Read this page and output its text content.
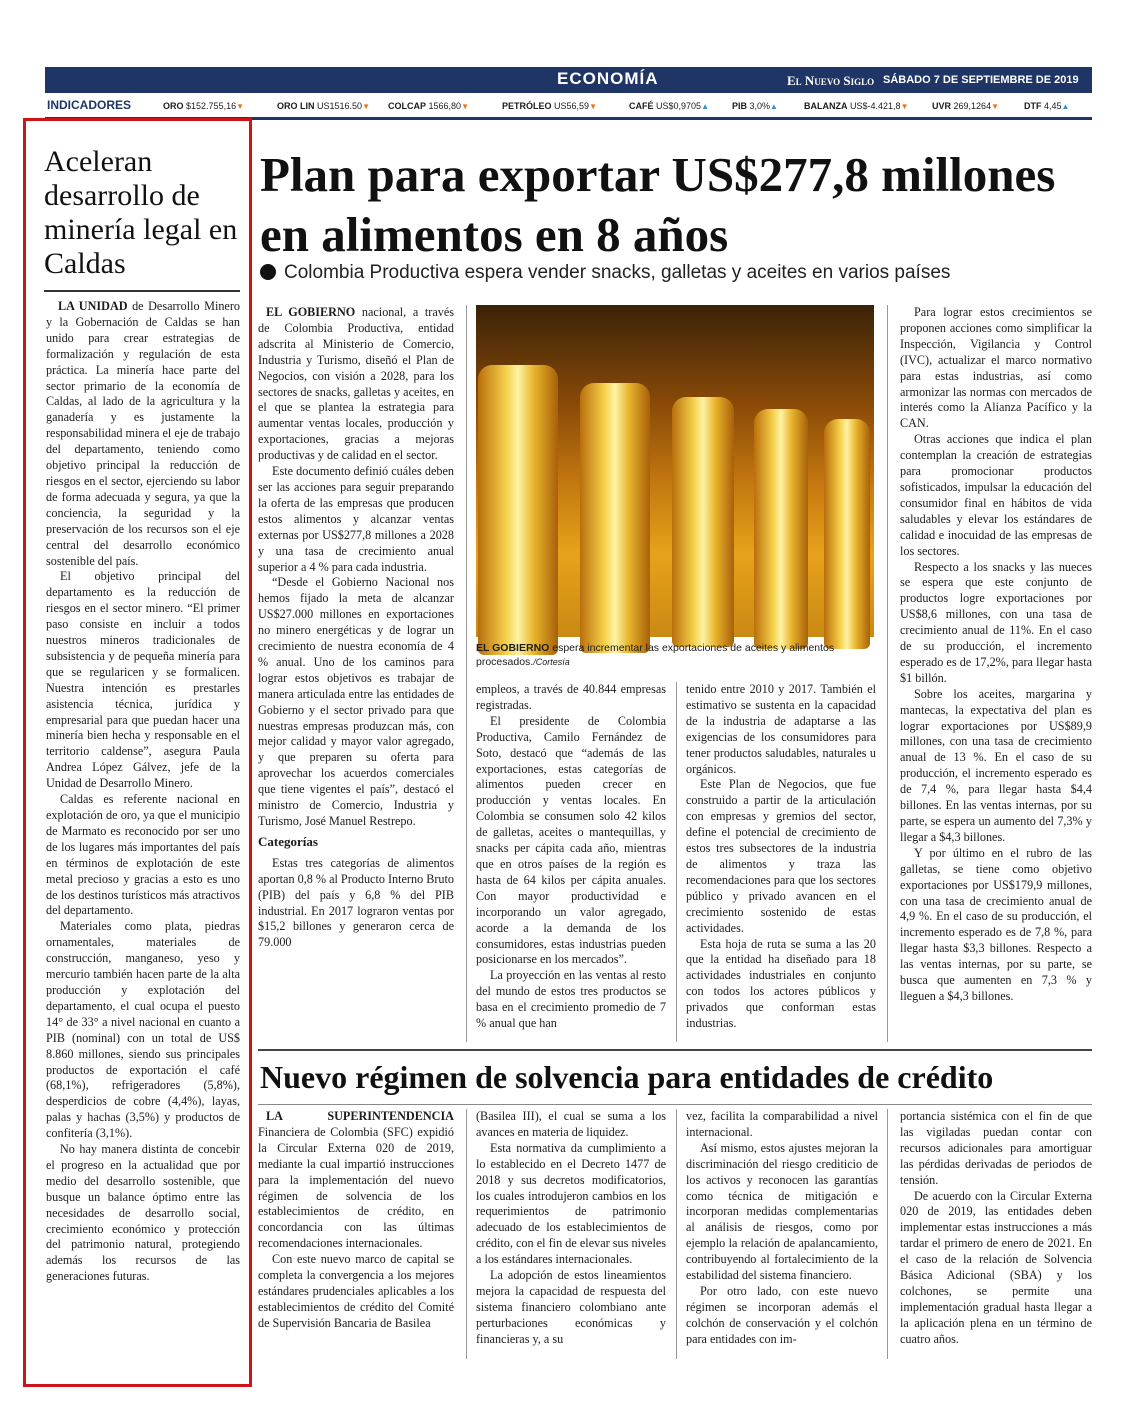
ECONOMÍA	El Nuevo Siglo SÁBADO 7 DE SEPTIEMBRE DE 2019 3B
INDICADORES	ORO $152.755,16▼	ORO LIN US1516.50▼ COLCAP 1566,80▼	PETRÓLEO US56,59▼	CAFÉ US$0,9705▲	PIB 3,0%▲	BALANZA US$-4.421,8▼	UVR 269,1264▼	DTF 4,45▲
Aceleran desarrollo de minería legal en Caldas

LA UNIDAD de Desarrollo Minero y la Gobernación de Caldas se han unido para crear estrategias de formalización y regulación de esta práctica. La minería hace parte del sector primario de la economía de Caldas, al lado de la agricultura y la ganadería y es justamente la responsabilidad minera el eje de trabajo del departamento, teniendo como objetivo principal la reducción de riesgos en el sector, ejerciendo su labor de forma adecuada y segura, ya que la conciencia, la seguridad y la preservación de los recursos son el eje central del desarrollo económico sostenible del país.

El objetivo principal del departamento es la reducción de riesgos en el sector minero. “El primer paso consiste en incluir a todos nuestros mineros tradicionales de subsistencia y de pequeña minería para que se regularicen y se formalicen. Nuestra intención es prestarles asistencia técnica, jurídica y empresarial para que puedan hacer una minería bien hecha y responsable en el territorio caldense”, asegura Paula Andrea López Gálvez, jefe de la Unidad de Desarrollo Minero.

Caldas es referente nacional en explotación de oro, ya que el municipio de Marmato es reconocido por ser uno de los lugares más importantes del país en términos de explotación de este metal precioso y gracias a esto es uno de los destinos turísticos más atractivos del departamento.

Materiales como plata, piedras ornamentales, materiales de construcción, manganeso, yeso y mercurio también hacen parte de la alta producción y explotación del departamento, el cual ocupa el puesto 14° de 33° a nivel nacional en cuanto a PIB (nominal) con un total de US$ 8.860 millones, siendo sus principales productos de exportación el café (68,1%), refrigeradores (5,8%), desperdicios de cobre (4,4%), layas, palas y hachas (3,5%) y productos de confitería (3,1%).

No hay manera distinta de concebir el progreso en la actualidad que por medio del desarrollo sostenible, que busque un balance óptimo entre las necesidades de desarrollo social, crecimiento económico y protección del patrimonio natural, protegiendo además los recursos de las generaciones futuras.

Plan para exportar US$277,8 millones en alimentos en 8 años
Colombia Productiva espera vender snacks, galletas y aceites en varios países

EL GOBIERNO nacional, a través de Colombia Productiva, entidad adscrita al Ministerio de Comercio, Industria y Turismo, diseñó el Plan de Negocios, con visión a 2028, para los sectores de snacks, galletas y aceites, en el que se plantea la estrategia para aumentar ventas locales, producción y exportaciones, gracias a mejoras productivas y de calidad en el sector.

Este documento definió cuáles deben ser las acciones para seguir preparando la oferta de las empresas que producen estos alimentos y alcanzar ventas externas por US$277,8 millones a 2028 y una tasa de crecimiento anual superior a 4 % para cada industria.

“Desde el Gobierno Nacional nos hemos fijado la meta de alcanzar US$27.000 millones en exportaciones no minero energéticas y de lograr un crecimiento de nuestra economía de 4 % anual. Uno de los caminos para lograr estos objetivos es trabajar de manera articulada entre las entidades de Gobierno y el sector privado para que nuestras empresas produzcan más, con mejor calidad y mayor valor agregado, y que preparen su oferta para aprovechar los acuerdos comerciales que tiene vigentes el país”, destacó el ministro de Comercio, Industria y Turismo, José Manuel Restrepo.

Categorías

Estas tres categorías de alimentos aportan 0,8 % al Producto Interno Bruto (PIB) del país y 6,8 % del PIB industrial. En 2017 lograron ventas por $15,2 billones y generaron cerca de 79.000

EL GOBIERNO espera incrementar las exportaciones de aceites y alimentos procesados./Cortesía

empleos, a través de 40.844 empresas registradas.

El presidente de Colombia Productiva, Camilo Fernández de Soto, destacó que “además de las exportaciones, estas categorías de alimentos pueden crecer en producción y ventas locales. En Colombia se consumen solo 42 kilos de galletas, aceites o mantequillas, y snacks per cápita cada año, mientras que en otros países de la región es hasta de 64 kilos per cápita anuales. Con mayor productividad e incorporando un valor agregado, acorde a la demanda de los consumidores, estas industrias pueden posicionarse en los mercados”.

La proyección en las ventas al resto del mundo de estos tres productos se basa en el crecimiento promedio de 7 % anual que han

tenido entre 2010 y 2017. También el estimativo se sustenta en la capacidad de la industria de adaptarse a las exigencias de los consumidores para tener productos saludables, naturales u orgánicos.

Este Plan de Negocios, que fue construido a partir de la articulación con empresas y gremios del sector, define el potencial de crecimiento de estos tres subsectores de la industria de alimentos y traza las recomendaciones para que los sectores público y privado avancen en el crecimiento sostenido de estas actividades.

Esta hoja de ruta se suma a las 20 que la entidad ha diseñado para 18 actividades industriales en conjunto con todos los actores públicos y privados que conforman estas industrias.

Para lograr estos crecimientos se proponen acciones como simplificar la Inspección, Vigilancia y Control (IVC), actualizar el marco normativo para estas industrias, así como armonizar las normas con mercados de interés como la Alianza Pacífico y la CAN.

Otras acciones que indica el plan contemplan la creación de estrategias para promocionar productos sofisticados, impulsar la educación del consumidor final en hábitos de vida saludables y elevar los estándares de calidad e inocuidad de las empresas de los sectores.

Respecto a los snacks y las nueces se espera que este conjunto de productos logre exportaciones por US$8,6 millones, con una tasa de crecimiento anual de 11%. En el caso de su producción, el incremento esperado es de 17,2%, para llegar hasta $1 billón.

Sobre los aceites, margarina y mantecas, la expectativa del plan es lograr exportaciones por US$89,9 millones, con una tasa de crecimiento anual de 13 %. En el caso de su producción, el incremento esperado es de 7,4 %, para llegar hasta $4,4 billones. En las ventas internas, por su parte, se espera un aumento del 7,3% y llegar a $4,3 billones.

Y por último en el rubro de las galletas, se tiene como objetivo exportaciones por US$179,9 millones, con una tasa de crecimiento anual de 4,9 %. En el caso de su producción, el incremento esperado es de 7,8 %, para llegar hasta $3,3 billones. Respecto a las ventas internas, por su parte, se busca que aumenten en 7,3 % y lleguen a $4,3 billones.

Nuevo régimen de solvencia para entidades de crédito

LA SUPERINTENDENCIA Financiera de Colombia (SFC) expidió la Circular Externa 020 de 2019, mediante la cual impartió instrucciones para la implementación del nuevo régimen de solvencia de los establecimientos de crédito, en concordancia con las últimas recomendaciones internacionales.

Con este nuevo marco de capital se completa la convergencia a los mejores estándares prudenciales aplicables a los establecimientos de crédito del Comité de Supervisión Bancaria de Basilea

(Basilea III), el cual se suma a los avances en materia de liquidez.

Esta normativa da cumplimiento a lo establecido en el Decreto 1477 de 2018 y sus decretos modificatorios, los cuales introdujeron cambios en los requerimientos de patrimonio adecuado de los establecimientos de crédito, con el fin de elevar sus niveles a los estándares internacionales.

La adopción de estos lineamientos mejora la capacidad de respuesta del sistema financiero colombiano ante perturbaciones económicas y financieras y, a su

vez, facilita la comparabilidad a nivel internacional.

Así mismo, estos ajustes mejoran la discriminación del riesgo crediticio de los activos y reconocen las garantías como técnica de mitigación e incorporan medidas complementarias al análisis de riesgos, como por ejemplo la relación de apalancamiento, contribuyendo al fortalecimiento de la estabilidad del sistema financiero.

Por otro lado, con este nuevo régimen se incorporan además el colchón de conservación y el colchón para entidades con im-

portancia sistémica con el fin de que las vigiladas puedan contar con recursos adicionales para amortiguar las pérdidas derivadas de periodos de tensión.

De acuerdo con la Circular Externa 020 de 2019, las entidades deben implementar estas instrucciones a más tardar el primero de enero de 2021. En el caso de la relación de Solvencia Básica Adicional (SBA) y los colchones, se permite una implementación gradual hasta llegar a la aplicación plena en un término de cuatro años.
